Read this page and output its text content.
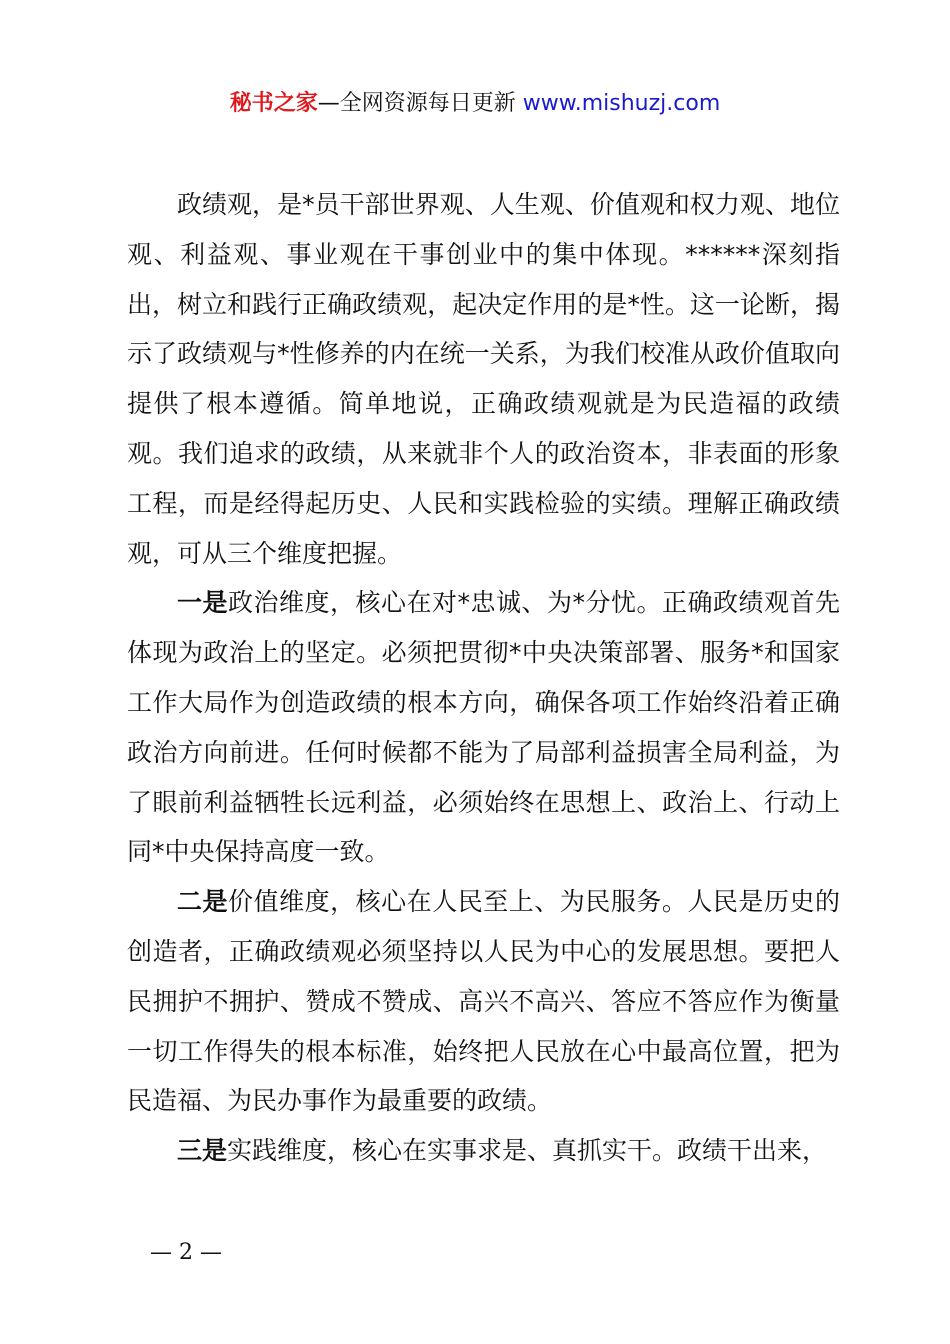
秘书之家—全网资源每日更新 www.mishuzj.com

政绩观，是*员干部世界观、人生观、价值观和权力观、地位观、利益观、事业观在干事创业中的集中体现。******深刻指出，树立和践行正确政绩观，起决定作用的是*性。这一论断，揭示了政绩观与*性修养的内在统一关系，为我们校准从政价值取向提供了根本遵循。简单地说，正确政绩观就是为民造福的政绩观。我们追求的政绩，从来就非个人的政治资本，非表面的形象工程，而是经得起历史、人民和实践检验的实绩。理解正确政绩观，可从三个维度把握。

一是政治维度，核心在对*忠诚、为*分忧。正确政绩观首先体现为政治上的坚定。必须把贯彻*中央决策部署、服务*和国家工作大局作为创造政绩的根本方向，确保各项工作始终沿着正确政治方向前进。任何时候都不能为了局部利益损害全局利益，为了眼前利益牺牲长远利益，必须始终在思想上、政治上、行动上同*中央保持高度一致。

二是价值维度，核心在人民至上、为民服务。人民是历史的创造者，正确政绩观必须坚持以人民为中心的发展思想。要把人民拥护不拥护、赞成不赞成、高兴不高兴、答应不答应作为衡量一切工作得失的根本标准，始终把人民放在心中最高位置，把为民造福、为民办事作为最重要的政绩。

三是实践维度，核心在实事求是、真抓实干。政绩干出来，

— 2 —
